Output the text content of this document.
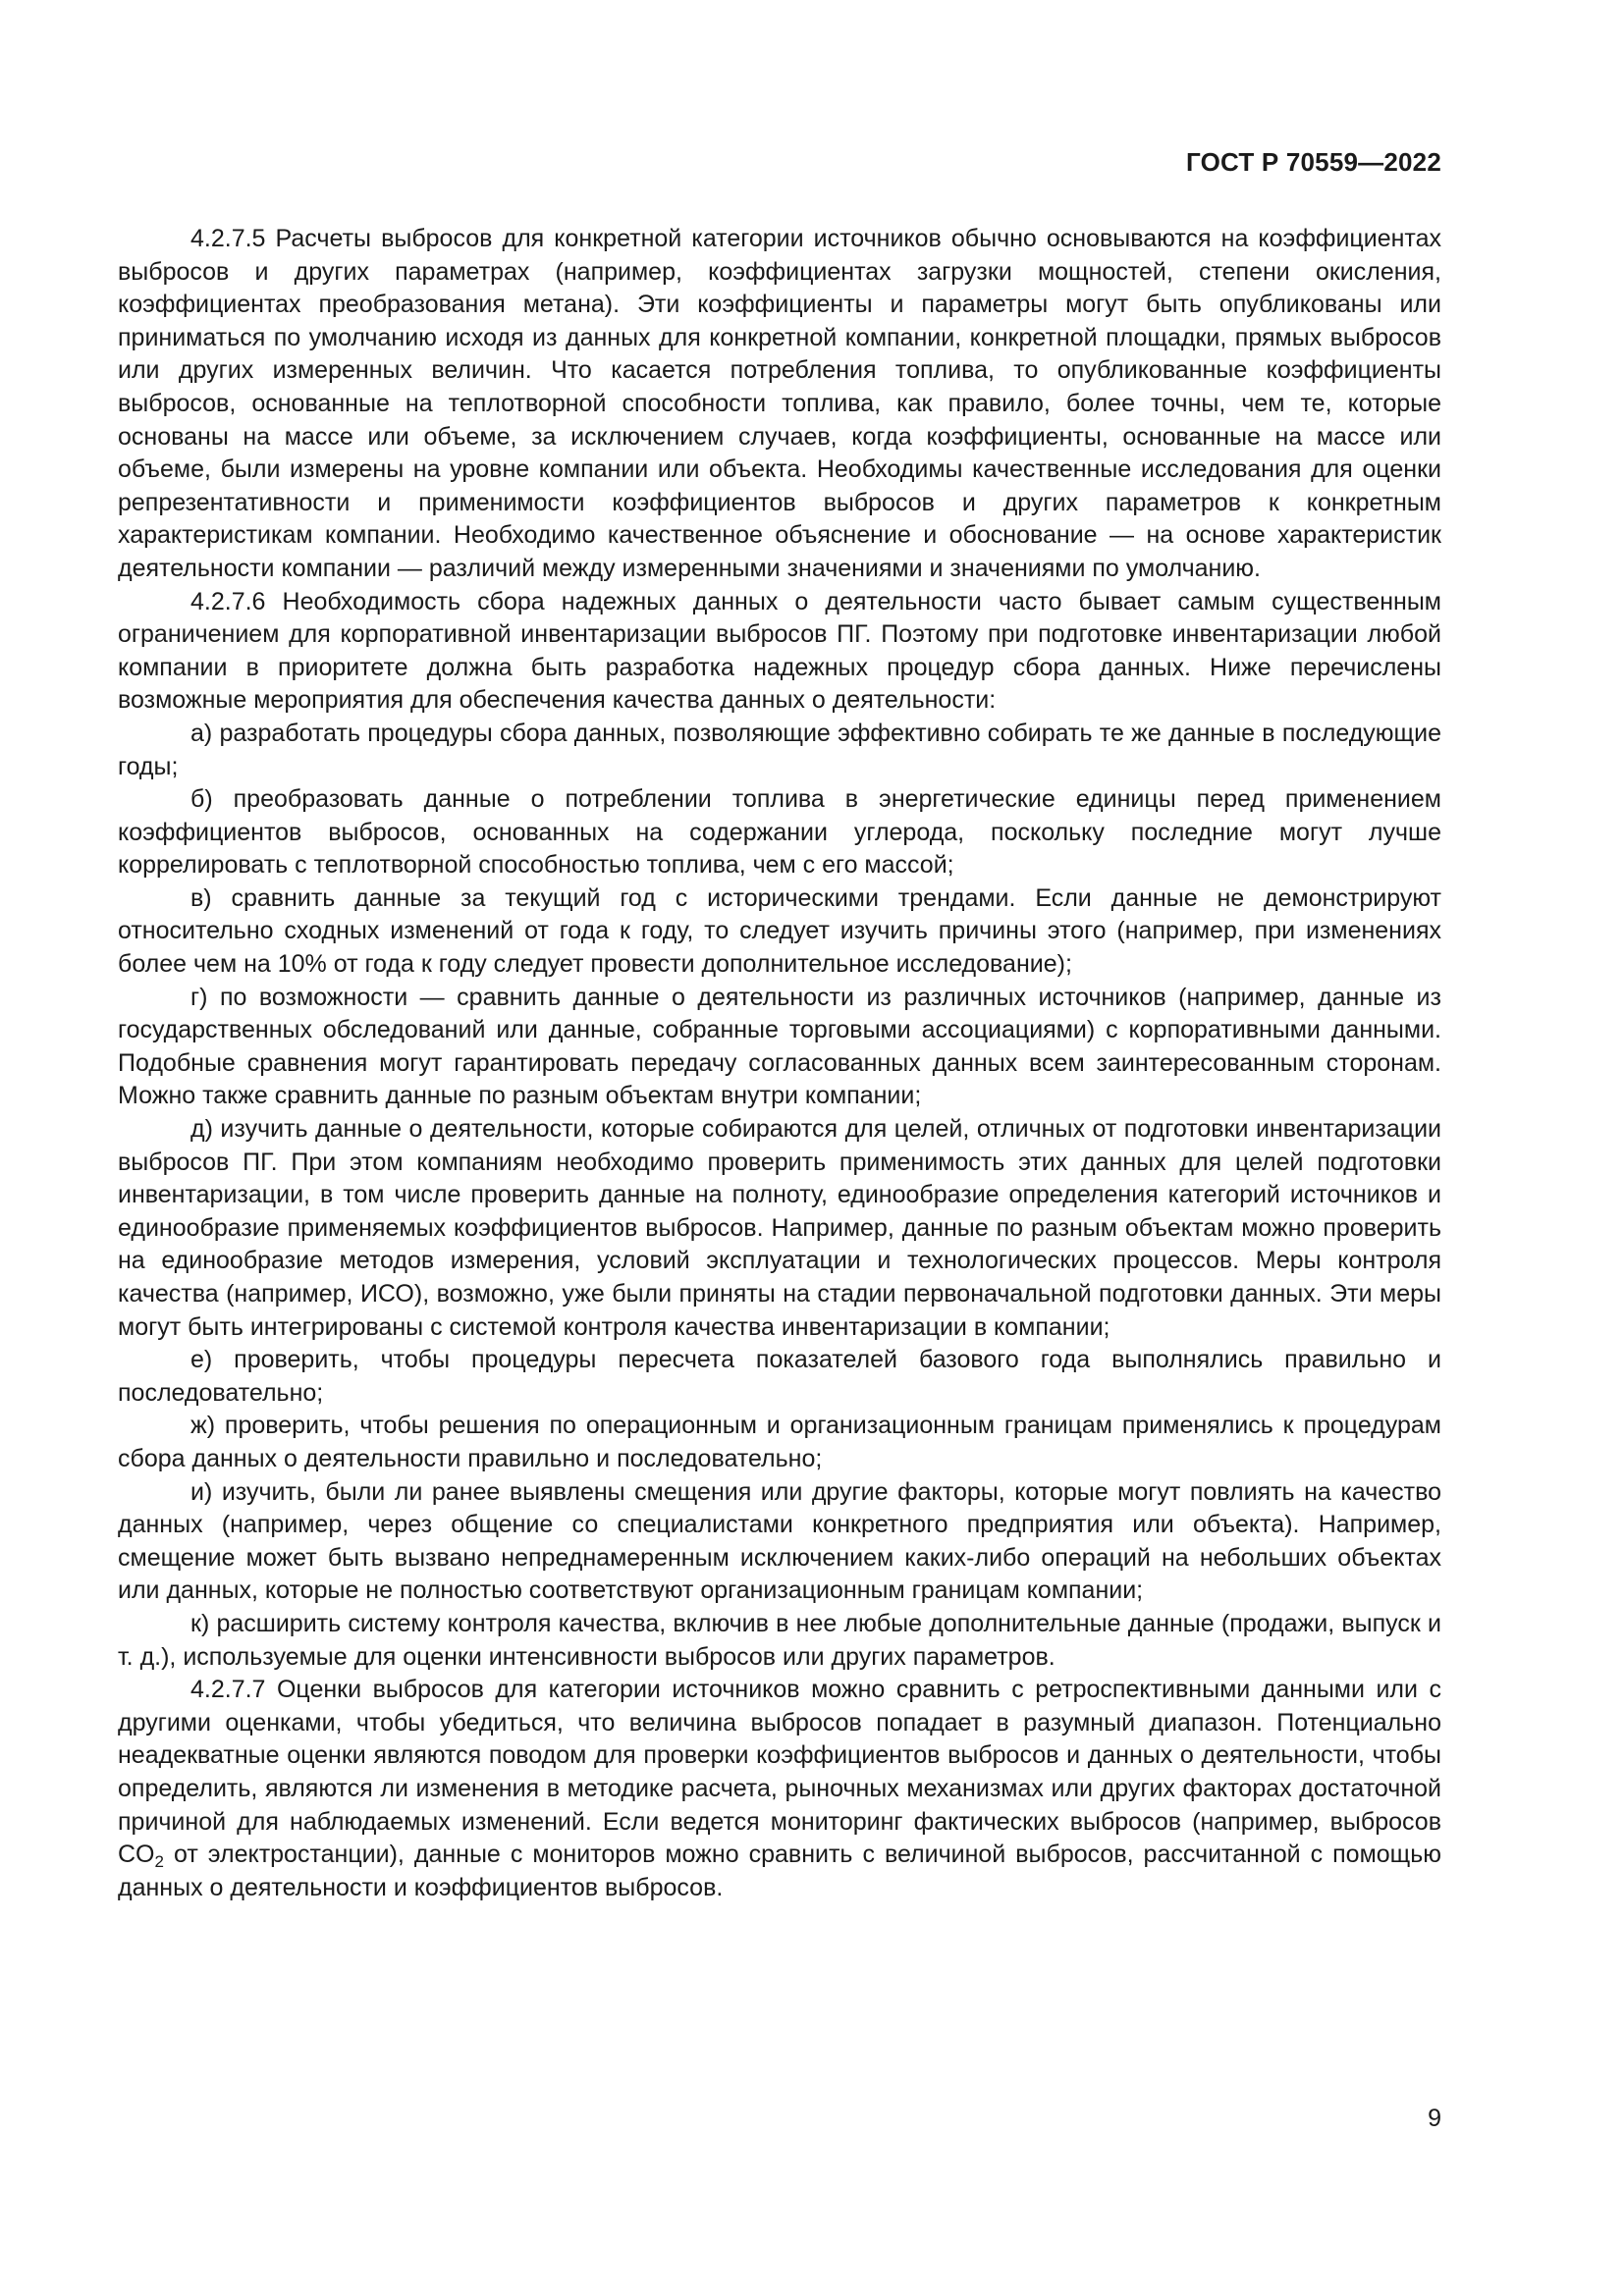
ГОСТ Р 70559—2022

4.2.7.5 Расчеты выбросов для конкретной категории источников обычно основываются на коэффициентах выбросов и других параметрах (например, коэффициентах загрузки мощностей, степени окисления, коэффициентах преобразования метана). Эти коэффициенты и параметры могут быть опубликованы или приниматься по умолчанию исходя из данных для конкретной компании, конкретной площадки, прямых выбросов или других измеренных величин. Что касается потребления топлива, то опубликованные коэффициенты выбросов, основанные на теплотворной способности топлива, как правило, более точны, чем те, которые основаны на массе или объеме, за исключением случаев, когда коэффициенты, основанные на массе или объеме, были измерены на уровне компании или объекта. Необходимы качественные исследования для оценки репрезентативности и применимости коэффициентов выбросов и других параметров к конкретным характеристикам компании. Необходимо качественное объяснение и обоснование — на основе характеристик деятельности компании — различий между измеренными значениями и значениями по умолчанию.

4.2.7.6 Необходимость сбора надежных данных о деятельности часто бывает самым существенным ограничением для корпоративной инвентаризации выбросов ПГ. Поэтому при подготовке инвентаризации любой компании в приоритете должна быть разработка надежных процедур сбора данных. Ниже перечислены возможные мероприятия для обеспечения качества данных о деятельности:

а) разработать процедуры сбора данных, позволяющие эффективно собирать те же данные в последующие годы;

б) преобразовать данные о потреблении топлива в энергетические единицы перед применением коэффициентов выбросов, основанных на содержании углерода, поскольку последние могут лучше коррелировать с теплотворной способностью топлива, чем с его массой;

в) сравнить данные за текущий год с историческими трендами. Если данные не демонстрируют относительно сходных изменений от года к году, то следует изучить причины этого (например, при изменениях более чем на 10% от года к году следует провести дополнительное исследование);

г) по возможности — сравнить данные о деятельности из различных источников (например, данные из государственных обследований или данные, собранные торговыми ассоциациями) с корпоративными данными. Подобные сравнения могут гарантировать передачу согласованных данных всем заинтересованным сторонам. Можно также сравнить данные по разным объектам внутри компании;

д) изучить данные о деятельности, которые собираются для целей, отличных от подготовки инвентаризации выбросов ПГ. При этом компаниям необходимо проверить применимость этих данных для целей подготовки инвентаризации, в том числе проверить данные на полноту, единообразие определения категорий источников и единообразие применяемых коэффициентов выбросов. Например, данные по разным объектам можно проверить на единообразие методов измерения, условий эксплуатации и технологических процессов. Меры контроля качества (например, ИСО), возможно, уже были приняты на стадии первоначальной подготовки данных. Эти меры могут быть интегрированы с системой контроля качества инвентаризации в компании;

е) проверить, чтобы процедуры пересчета показателей базового года выполнялись правильно и последовательно;

ж) проверить, чтобы решения по операционным и организационным границам применялись к процедурам сбора данных о деятельности правильно и последовательно;

и) изучить, были ли ранее выявлены смещения или другие факторы, которые могут повлиять на качество данных (например, через общение со специалистами конкретного предприятия или объекта). Например, смещение может быть вызвано непреднамеренным исключением каких-либо операций на небольших объектах или данных, которые не полностью соответствуют организационным границам компании;

к) расширить систему контроля качества, включив в нее любые дополнительные данные (продажи, выпуск и т. д.), используемые для оценки интенсивности выбросов или других параметров.

4.2.7.7 Оценки выбросов для категории источников можно сравнить с ретроспективными данными или с другими оценками, чтобы убедиться, что величина выбросов попадает в разумный диапазон. Потенциально неадекватные оценки являются поводом для проверки коэффициентов выбросов и данных о деятельности, чтобы определить, являются ли изменения в методике расчета, рыночных механизмах или других факторах достаточной причиной для наблюдаемых изменений. Если ведется мониторинг фактических выбросов (например, выбросов $CO_2$ от электростанции), данные с мониторов можно сравнить с величиной выбросов, рассчитанной с помощью данных о деятельности и коэффициентов выбросов.

9
